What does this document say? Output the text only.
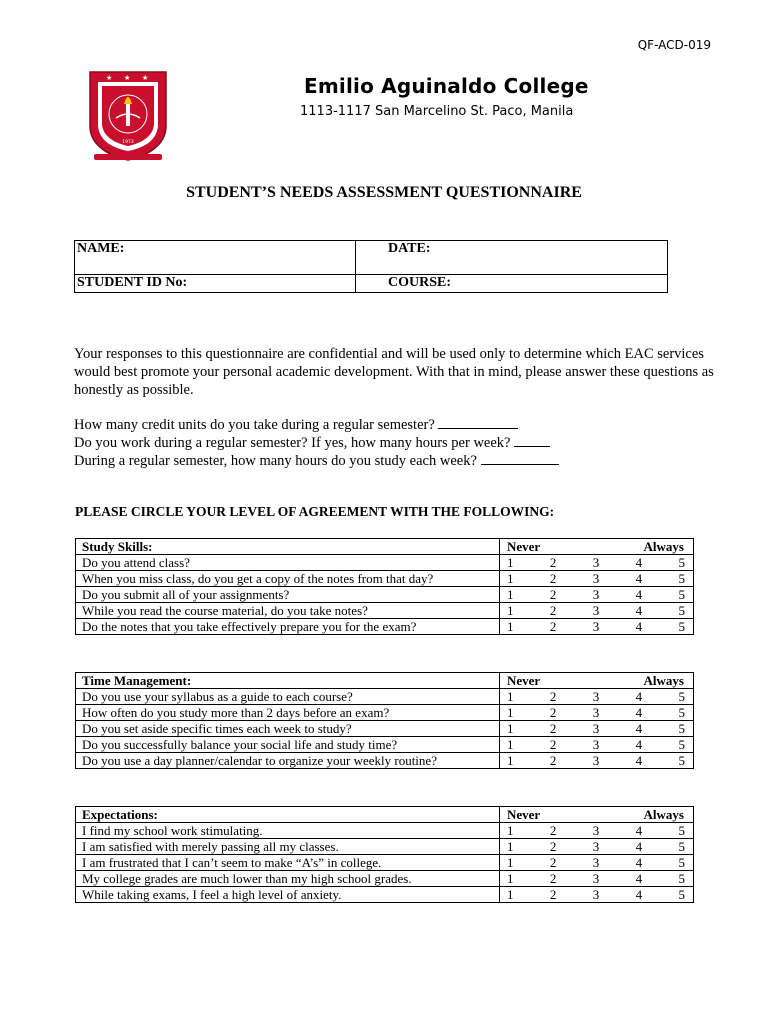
QF-ACD-019
★ ★ ★
1973
Emilio Aguinaldo College
1113-1117 San Marcelino St. Paco, Manila
STUDENT’S NEEDS ASSESSMENT QUESTIONNAIRE
NAME:	DATE:
STUDENT ID No:	COURSE:
Your responses to this questionnaire are confidential and will be used only to determine which EAC services would best promote your personal academic development. With that in mind, please answer these questions as honestly as possible.
How many credit units do you take during a regular semester?
Do you work during a regular semester? If yes, how many hours per week?
During a regular semester, how many hours do you study each week?
PLEASE CIRCLE YOUR LEVEL OF AGREEMENT WITH THE FOLLOWING:
Study Skills:	Never Always

Do you attend class?	1 2 3 4 5

When you miss class, do you get a copy of the notes from that day?	1 2 3 4 5

Do you submit all of your assignments?	1 2 3 4 5

While you read the course material, do you take notes?	1 2 3 4 5

Do the notes that you take effectively prepare you for the exam?	1 2 3 4 5
Time Management:	Never Always

Do you use your syllabus as a guide to each course?	1 2 3 4 5

How often do you study more than 2 days before an exam?	1 2 3 4 5

Do you set aside specific times each week to study?	1 2 3 4 5

Do you successfully balance your social life and study time?	1 2 3 4 5

Do you use a day planner/calendar to organize your weekly routine?	1 2 3 4 5
Expectations:	Never Always

I find my school work stimulating.	1 2 3 4 5

I am satisfied with merely passing all my classes.	1 2 3 4 5

I am frustrated that I can’t seem to make “A’s” in college.	1 2 3 4 5

My college grades are much lower than my high school grades.	1 2 3 4 5

While taking exams, I feel a high level of anxiety.	1 2 3 4 5
